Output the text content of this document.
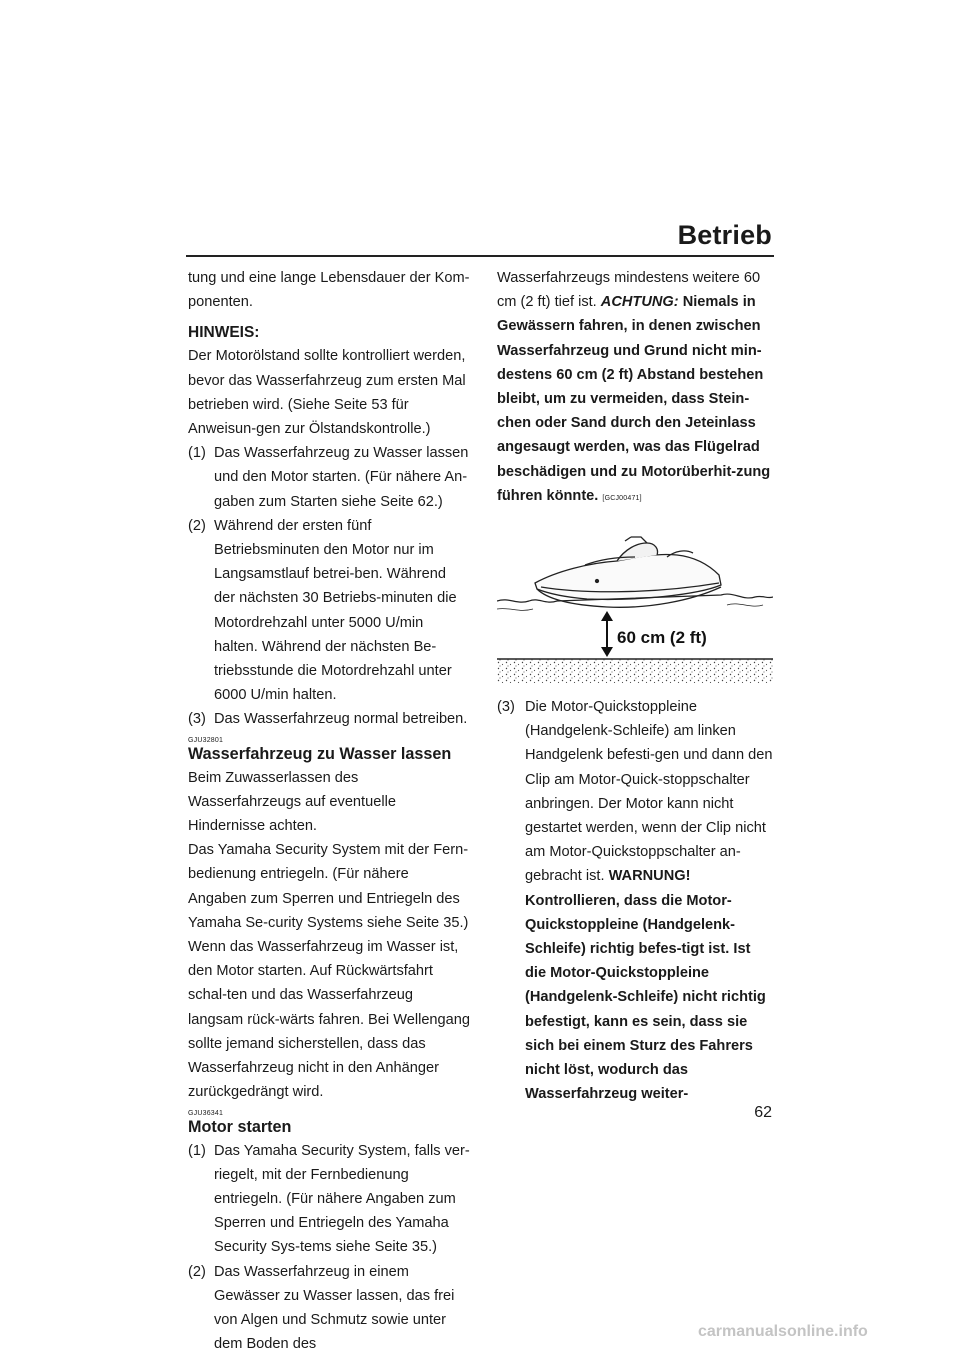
Betrieb

tung und eine lange Lebensdauer der Kom-ponenten.

HINWEIS:

Der Motorölstand sollte kontrolliert werden, bevor das Wasserfahrzeug zum ersten Mal betrieben wird. (Siehe Seite 53 für Anweisun-gen zur Ölstandskontrolle.)

(1) Das Wasserfahrzeug zu Wasser lassen und den Motor starten. (Für nähere An-gaben zum Starten siehe Seite 62.)
(2) Während der ersten fünf Betriebsminuten den Motor nur im Langsamstlauf betrei-ben. Während der nächsten 30 Betriebs-minuten die Motordrehzahl unter 5000 U/min halten. Während der nächsten Be-triebsstunde die Motordrehzahl unter 6000 U/min halten.
(3) Das Wasserfahrzeug normal betreiben.
GJU32801
Wasserfahrzeug zu Wasser lassen

Beim Zuwasserlassen des Wasserfahrzeugs auf eventuelle Hindernisse achten.

Das Yamaha Security System mit der Fern-bedienung entriegeln. (Für nähere Angaben zum Sperren und Entriegeln des Yamaha Se-curity Systems siehe Seite 35.)

Wenn das Wasserfahrzeug im Wasser ist, den Motor starten. Auf Rückwärtsfahrt schal-ten und das Wasserfahrzeug langsam rück-wärts fahren. Bei Wellengang sollte jemand sicherstellen, dass das Wasserfahrzeug nicht in den Anhänger zurückgedrängt wird.

GJU36341
Motor starten
(1) Das Yamaha Security System, falls ver-riegelt, mit der Fernbedienung entriegeln. (Für nähere Angaben zum Sperren und Entriegeln des Yamaha Security Sys-tems siehe Seite 35.)
(2) Das Wasserfahrzeug in einem Gewässer zu Wasser lassen, das frei von Algen und Schmutz sowie unter dem Boden des

Wasserfahrzeugs mindestens weitere 60 cm (2 ft) tief ist. ACHTUNG: Niemals in Gewässern fahren, in denen zwischen Wasserfahrzeug und Grund nicht min-destens 60 cm (2 ft) Abstand bestehen bleibt, um zu vermeiden, dass Stein-chen oder Sand durch den Jeteinlass angesaugt werden, was das Flügelrad beschädigen und zu Motorüberhit-zung führen könnte. [GCJ00471]

60 cm (2 ft)
(3) Die Motor-Quickstoppleine (Handgelenk-Schleife) am linken Handgelenk befesti-gen und dann den Clip am Motor-Quick-stoppschalter anbringen. Der Motor kann nicht gestartet werden, wenn der Clip nicht am Motor-Quickstoppschalter an-gebracht ist. WARNUNG! Kontrollieren, dass die Motor-Quickstoppleine (Handgelenk-Schleife) richtig befes-tigt ist. Ist die Motor-Quickstoppleine (Handgelenk-Schleife) nicht richtig befestigt, kann es sein, dass sie sich bei einem Sturz des Fahrers nicht löst, wodurch das Wasserfahrzeug weiter-
62
carmanualsonline.info
